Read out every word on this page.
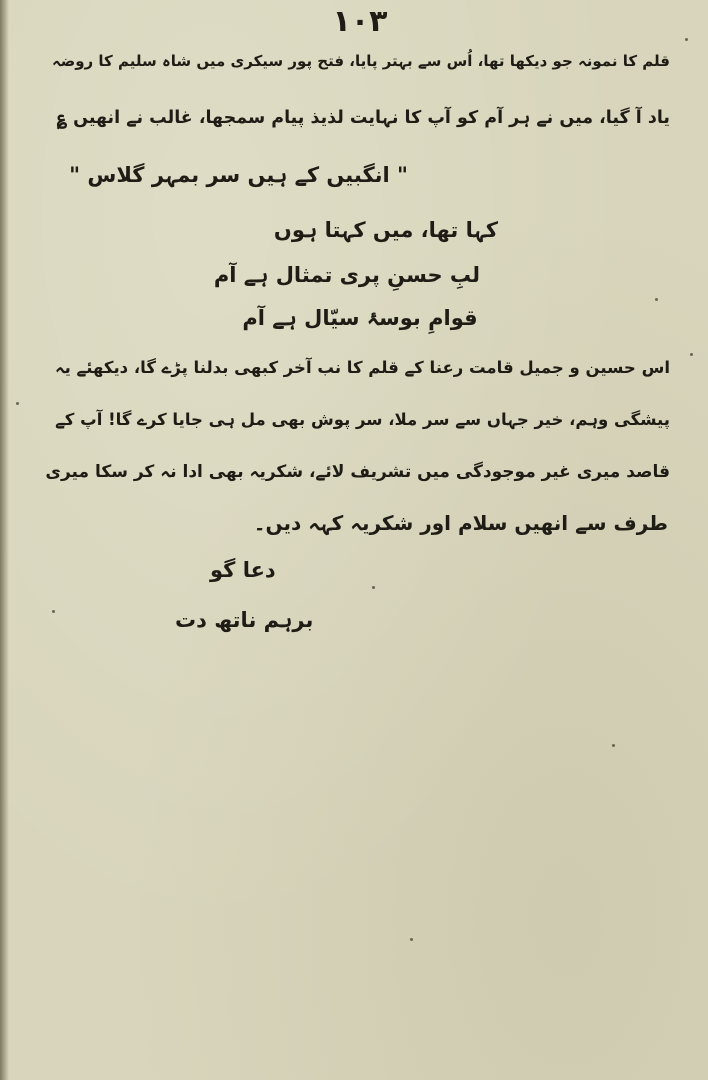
۱۰۳
قلم کا نمونہ جو دیکھا تھا، اُس سے بہتر پایا، فتح پور سیکری میں شاہ سلیم کا روضہ
یاد آ گیا، میں نے ہر آم کو آپ کا نہایت لذیذ پیام سمجھا، غالب نے انھیں ؏
" انگبیں کے ہیں سر بمہر گلاس "
کہا تھا، میں کہتا ہوں
لبِ حسنِ پری تمثال ہے آم
قوامِ بوسۂ سیّال ہے آم
اس حسین و جمیل قامت رعنا کے قلم کا نب آخر کبھی بدلنا پڑے گا، دیکھئے یہ
پیشگی وہم، خیر جہاں سے سر ملا، سر پوش بھی مل ہی جایا کرے گا! آپ کے
قاصد میری غیر موجودگی میں تشریف لائے، شکریہ بھی ادا نہ کر سکا میری
طرف سے انھیں سلام اور شکریہ کہہ دیں۔
دعا گو
برہم ناتھ دت
